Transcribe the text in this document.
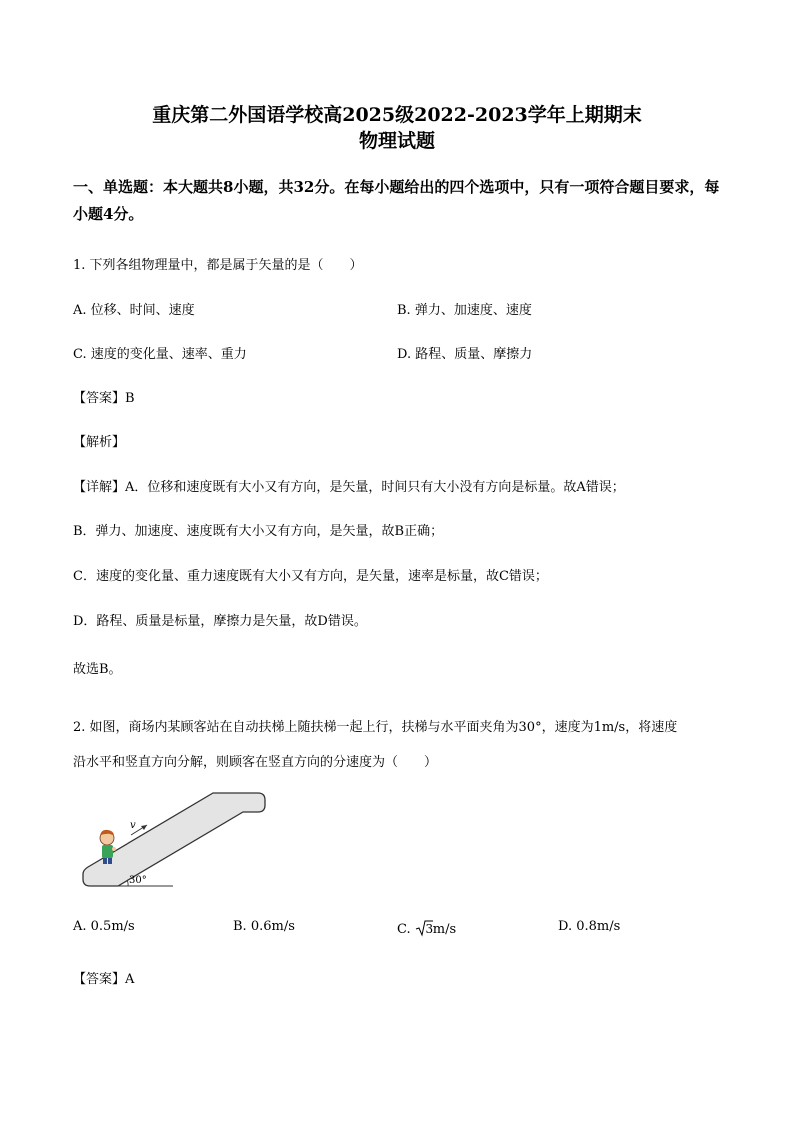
重庆第二外国语学校高2025级2022-2023学年上期期末
物理试题
一、单选题：本大题共8小题，共32分。在每小题给出的四个选项中，只有一项符合题目要求，每小题4分。
1. 下列各组物理量中，都是属于矢量的是（　　）
A. 位移、时间、速度	B. 弹力、加速度、速度
C. 速度的变化量、速率、重力	D. 路程、质量、摩擦力
【答案】B
【解析】
【详解】A．位移和速度既有大小又有方向，是矢量，时间只有大小没有方向是标量。故A错误；
B．弹力、加速度、速度既有大小又有方向，是矢量，故B正确；
C．速度的变化量、重力速度既有大小又有方向，是矢量，速率是标量，故C错误；
D．路程、质量是标量，摩擦力是矢量，故D错误。
故选B。
2. 如图，商场内某顾客站在自动扶梯上随扶梯一起上行，扶梯与水平面夹角为30°，速度为1m/s，将速度
沿水平和竖直方向分解，则顾客在竖直方向的分速度为（　　）
30°
v
A. 0.5m/s	B. 0.6m/s	C. 3 m/s	D. 0.8m/s
【答案】A
